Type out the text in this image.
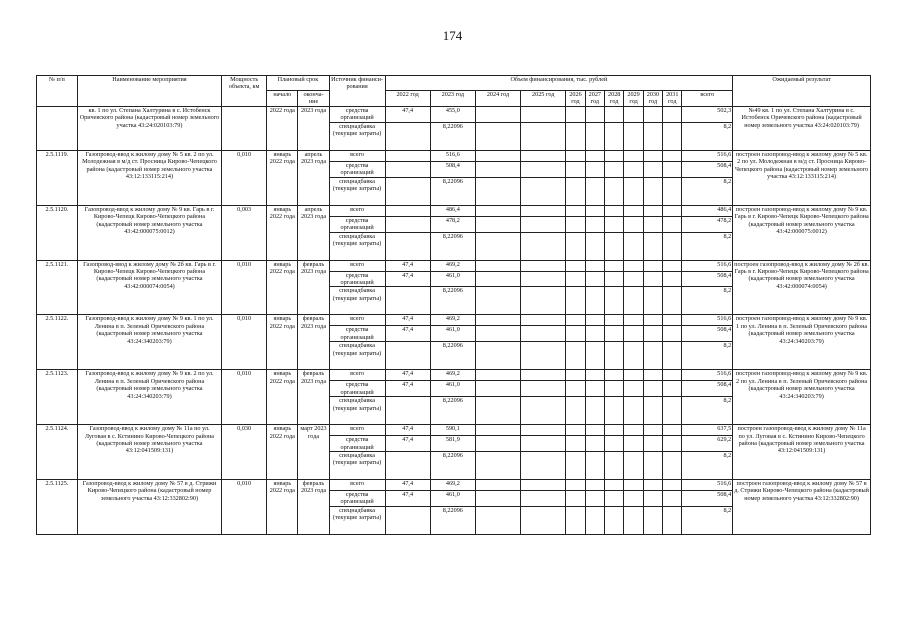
174
№ п/п	Наименование мероприятия	Мощность объекта, км	Плановый срок		Источник финанси-рования	Объем финансирования, тыс. рублей											Ожидаемый результат
						2022 год	2023 год	2024 год	2025 год	2026 год	2027 год	2028 год	2029 год	2030 год	2031 год	всего	
			начало	оконча-ние													
	кв. 1 по ул. Степана Халтурина в с. Истобенск Оричевского района (кадастровый номер земельного участка 43:24:020103:79)		2022 года	2023 года	средства организаций	47,4	455,0									502,3	№49 кв. 1 по ул. Степана Халтурина в с. Истобенск Оричевского района (кадастровый номер земельного участка 43:24:020103:79)
					спецнадбавка (текущие затраты)		8,22096									8,2	
2.5.1119.	Газопровод-ввод к жилому дому № 5 кв. 2 по ул. Молодежная в м/д ст. Просница Кирово-Чепецкого района (кадастровый номер земельного участка 43:12:133115:214)	0,010	январь 2022 года	апрель 2023 года	всего		516,6									516,6	построен газопровод-ввод к жилому дому № 5 кв. 2 по ул. Молодежная в м/д ст. Просница Кирово-Чепецкого района (кадастровый номер земельного участка 43:12:133115:214)
					средства организаций		508,4									508,4	
					спецнадбавка (текущие затраты)		8,22096									8,2	
2.5.1120.	Газопровод-ввод к жилому дому № 9 кв. Гарь в г. Кирово-Чепецк Кирово-Чепецкого района (кадастровый номер земельного участка 43:42:000075:0012)	0,003	январь 2022 года	апрель 2023 года	всего		486,4									486,4	построен газопровод-ввод к жилому дому № 9 кв. Гарь в г. Кирово-Чепецк Кирово-Чепецкого района (кадастровый номер земельного участка 43:42:000075:0012)
					средства организаций		478,2									478,2	
					спецнадбавка (текущие затраты)		8,22096									8,2	
2.5.1121.	Газопровод-ввод к жилому дому № 2б кв. Гарь в г. Кирово-Чепецк Кирово-Чепецкого района (кадастровый номер земельного участка 43:42:000074:0054)	0,010	январь 2022 года	февраль 2023 года	всего	47,4	469,2									516,6	построен газопровод-ввод к жилому дому № 2б кв. Гарь в г. Кирово-Чепецк Кирово-Чепецкого района (кадастровый номер земельного участка 43:42:000074:0054)
					средства организаций	47,4	461,0									508,4	
					спецнадбавка (текущие затраты)		8,22096									8,2	
2.5.1122.	Газопровод-ввод к жилому дому № 9 кв. 1 по ул. Ленина в п. Зеленый Оричевского района (кадастровый номер земельного участка 43:24:340203:79)	0,010	январь 2022 года	февраль 2023 года	всего	47,4	469,2									516,6	построен газопровод-ввод к жилому дому № 9 кв. 1 по ул. Ленина в п. Зеленый Оричевского района (кадастровый номер земельного участка 43:24:340203:79)
					средства организаций	47,4	461,0									508,4	
					спецнадбавка (текущие затраты)		8,22096									8,2	
2.5.1123.	Газопровод-ввод к жилому дому № 9 кв. 2 по ул. Ленина в п. Зеленый Оричевского района (кадастровый номер земельного участка 43:24:340203:79)	0,010	январь 2022 года	февраль 2023 года	всего	47,4	469,2									516,6	построен газопровод-ввод к жилому дому № 9 кв. 2 по ул. Ленина в п. Зеленый Оричевского района (кадастровый номер земельного участка 43:24:340203:79)
					средства организаций	47,4	461,0									508,4	
					спецнадбавка (текущие затраты)		8,22096									8,2	
2.5.1124.	Газопровод-ввод к жилому дому № 11а по ул. Луговая в с. Кстинино Кирово-Чепецкого района (кадастровый номер земельного участка 43:12:041509:131)	0,030	январь 2022 года	март 2023 года	всего	47,4	590,1									637,5	построен газопровод-ввод к жилому дому № 11а по ул. Луговая в с. Кстинино Кирово-Чепецкого района (кадастровый номер земельного участка 43:12:041509:131)
					средства организаций	47,4	581,9									629,2	
					спецнадбавка (текущие затраты)		8,22096									8,2	
2.5.1125.	Газопровод-ввод к жилому дому № 57 в д. Стрижи Кирово-Чепецкого района (кадастровый номер земельного участка 43:12:332802:90)	0,010	январь 2022 года	февраль 2023 года	всего	47,4	469,2									516,6	построен газопровод-ввод к жилому дому № 57 в д. Стрижи Кирово-Чепецкого района (кадастровый номер земельного участка 43:12:332802:90)
					средства организаций	47,4	461,0									508,4	
					спецнадбавка (текущие затраты)		8,22096									8,2	
